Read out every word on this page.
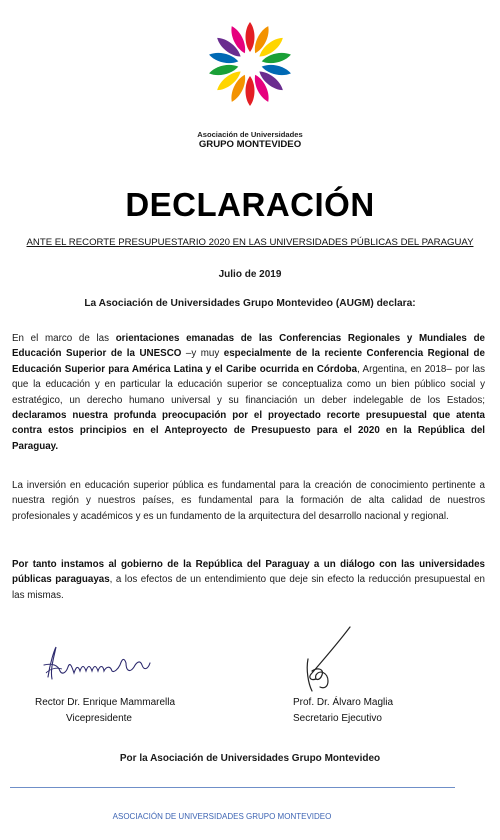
Asociación de Universidades
GRUPO MONTEVIDEO
DECLARACIÓN
ANTE EL RECORTE PRESUPUESTARIO 2020 EN LAS UNIVERSIDADES PÚBLICAS DEL PARAGUAY
Julio de 2019
La Asociación de Universidades Grupo Montevideo (AUGM) declara:
En el marco de las orientaciones emanadas de las Conferencias Regionales y Mundiales de Educación Superior de la UNESCO –y muy especialmente de la reciente Conferencia Regional de Educación Superior para América Latina y el Caribe ocurrida en Córdoba, Argentina, en 2018– por las que la educación y en particular la educación superior se conceptualiza como un bien público social y estratégico, un derecho humano universal y su financiación un deber indelegable de los Estados; declaramos nuestra profunda preocupación por el proyectado recorte presupuestal que atenta contra estos principios en el Anteproyecto de Presupuesto para el 2020 en la República del Paraguay.
La inversión en educación superior pública es fundamental para la creación de conocimiento pertinente a nuestra región y nuestros países, es fundamental para la formación de alta calidad de nuestros profesionales y académicos y es un fundamento de la arquitectura del desarrollo nacional y regional.
Por tanto instamos al gobierno de la República del Paraguay a un diálogo con las universidades públicas paraguayas, a los efectos de un entendimiento que deje sin efecto la reducción presupuestal en las mismas.
Rector Dr. Enrique Mammarella
Vicepresidente
Prof. Dr. Álvaro Maglia
Secretario Ejecutivo
Por la Asociación de Universidades Grupo Montevideo
ASOCIACIÓN DE UNIVERSIDADES GRUPO MONTEVIDEO
